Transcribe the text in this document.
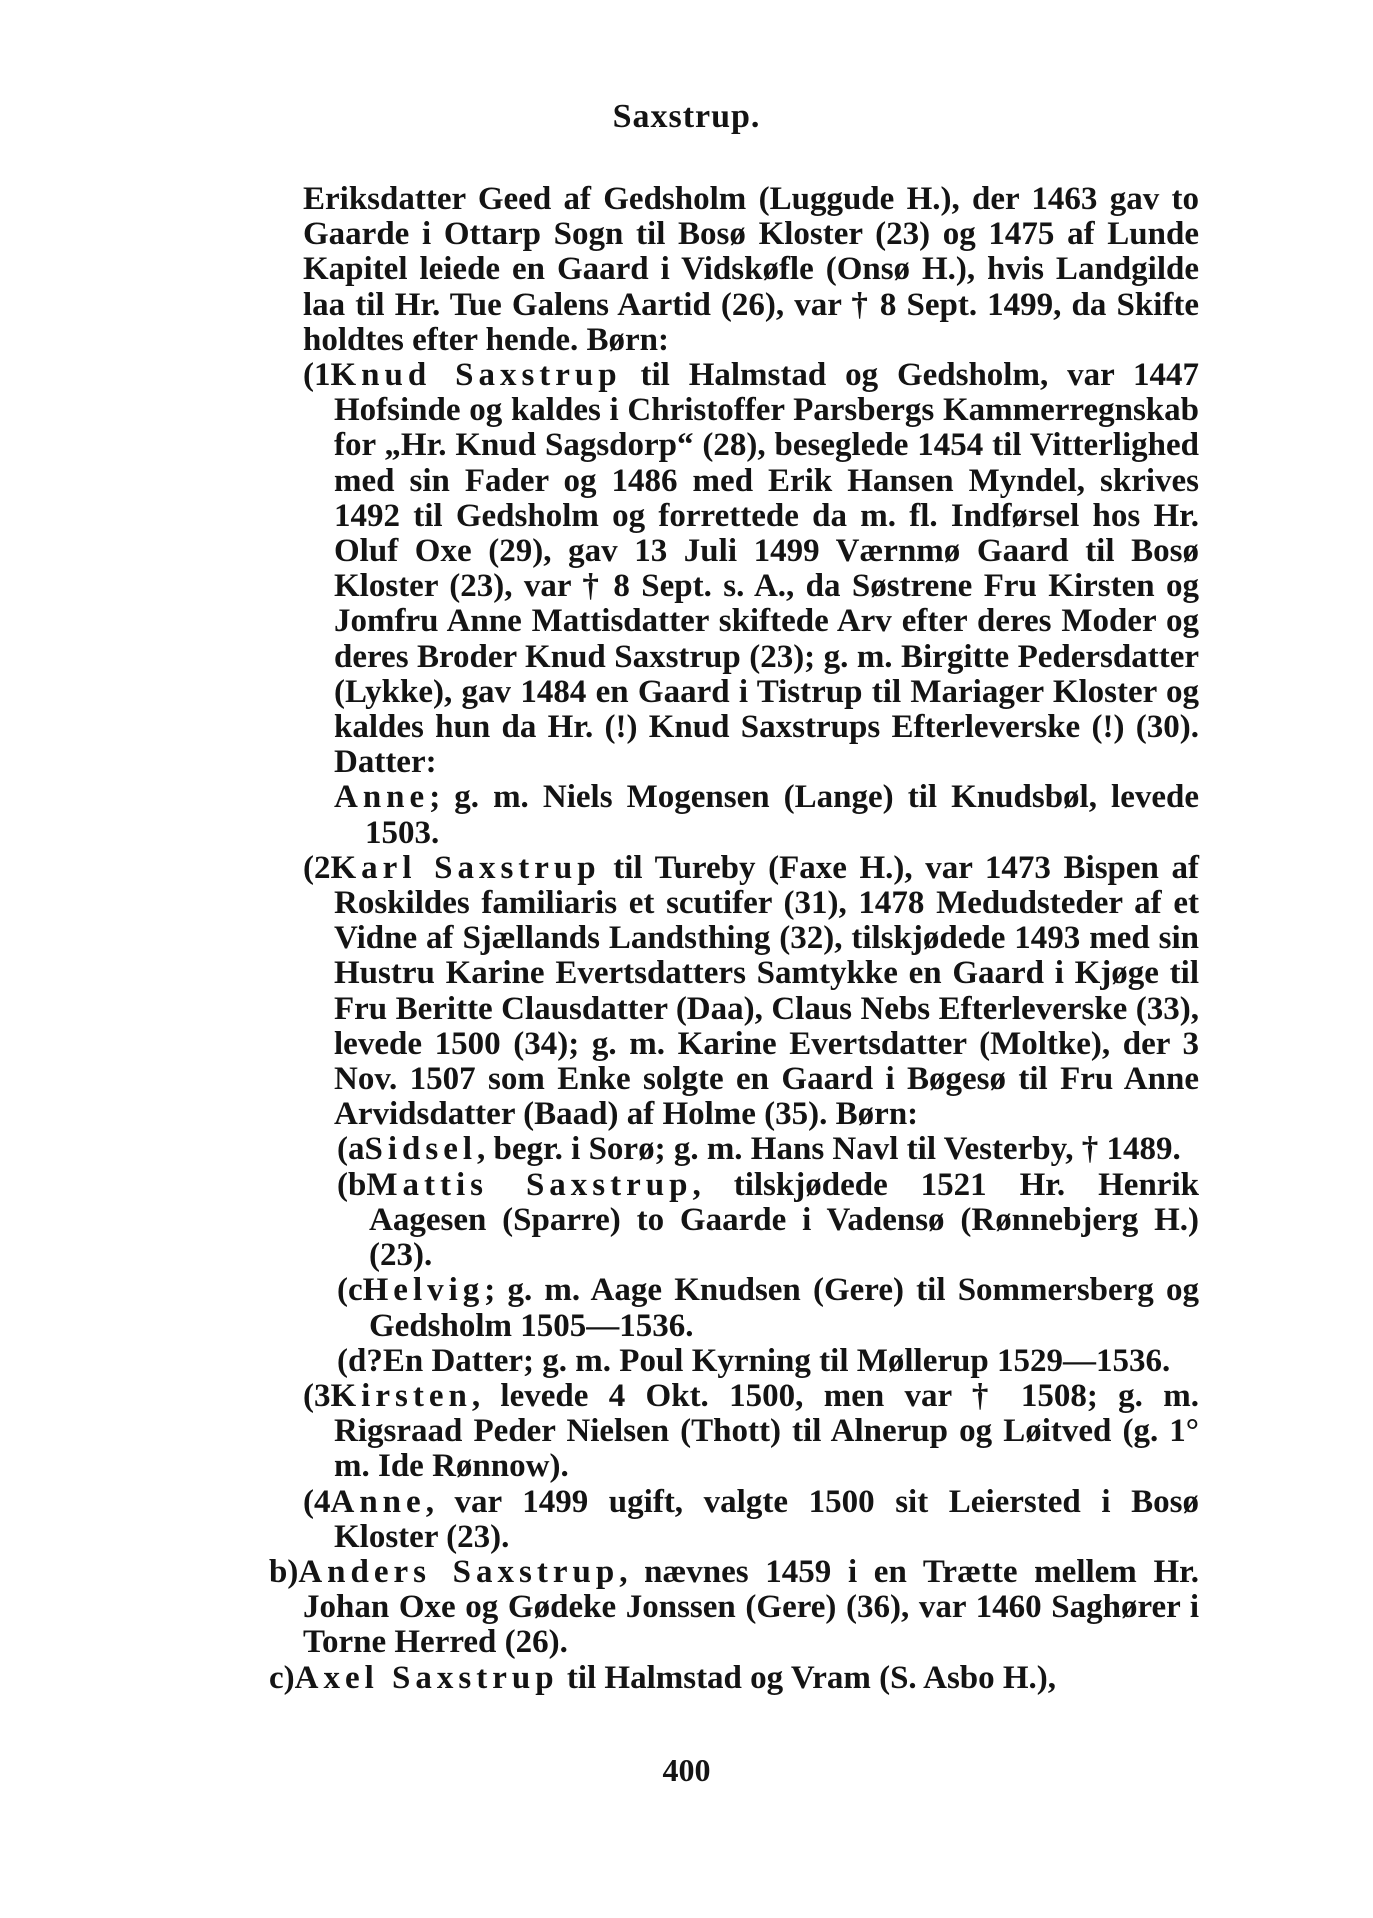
Saxstrup.

Eriksdatter Geed af Gedsholm (Luggude H.), der 1463 gav to Gaarde i Ottarp Sogn til Bosø Kloster (23) og 1475 af Lunde Kapitel leiede en Gaard i Vidskøfle (Onsø H.), hvis Landgilde laa til Hr. Tue Galens Aartid (26), var † 8 Sept. 1499, da Skifte holdtes efter hende. Børn:

(1Knud Saxstrup til Halmstad og Gedsholm, var 1447 Hofsinde og kaldes i Christoffer Parsbergs Kammerregnskab for „Hr. Knud Sagsdorp“ (28), beseglede 1454 til Vitterlighed med sin Fader og 1486 med Erik Hansen Myndel, skrives 1492 til Gedsholm og forrettede da m. fl. Indførsel hos Hr. Oluf Oxe (29), gav 13 Juli 1499 Værnmø Gaard til Bosø Kloster (23), var † 8 Sept. s. A., da Søstrene Fru Kirsten og Jomfru Anne Mattisdatter skiftede Arv efter deres Moder og deres Broder Knud Saxstrup (23); g. m. Birgitte Pedersdatter (Lykke), gav 1484 en Gaard i Tistrup til Mariager Kloster og kaldes hun da Hr. (!) Knud Saxstrups Efterleverske (!) (30). Datter:

Anne; g. m. Niels Mogensen (Lange) til Knudsbøl, levede 1503.

(2Karl Saxstrup til Tureby (Faxe H.), var 1473 Bispen af Roskildes familiaris et scutifer (31), 1478 Medudsteder af et Vidne af Sjællands Landsthing (32), tilskjødede 1493 med sin Hustru Karine Evertsdatters Samtykke en Gaard i Kjøge til Fru Beritte Clausdatter (Daa), Claus Nebs Efterleverske (33), levede 1500 (34); g. m. Karine Evertsdatter (Moltke), der 3 Nov. 1507 som Enke solgte en Gaard i Bøgesø til Fru Anne Arvidsdatter (Baad) af Holme (35). Børn:

(aSidsel, begr. i Sorø; g. m. Hans Navl til Vesterby, † 1489.

(bMattis Saxstrup, tilskjødede 1521 Hr. Henrik Aagesen (Sparre) to Gaarde i Vadensø (Rønnebjerg H.) (23).

(cHelvig; g. m. Aage Knudsen (Gere) til Sommersberg og Gedsholm 1505—1536.

(d?En Datter; g. m. Poul Kyrning til Møllerup 1529—1536.

(3Kirsten, levede 4 Okt. 1500, men var † 1508; g. m. Rigsraad Peder Nielsen (Thott) til Alnerup og Løitved (g. 1° m. Ide Rønnow).

(4Anne, var 1499 ugift, valgte 1500 sit Leiersted i Bosø Kloster (23).

b)Anders Saxstrup, nævnes 1459 i en Trætte mellem Hr. Johan Oxe og Gødeke Jonssen (Gere) (36), var 1460 Saghører i Torne Herred (26).

c)Axel Saxstrup til Halmstad og Vram (S. Asbo H.),

400
